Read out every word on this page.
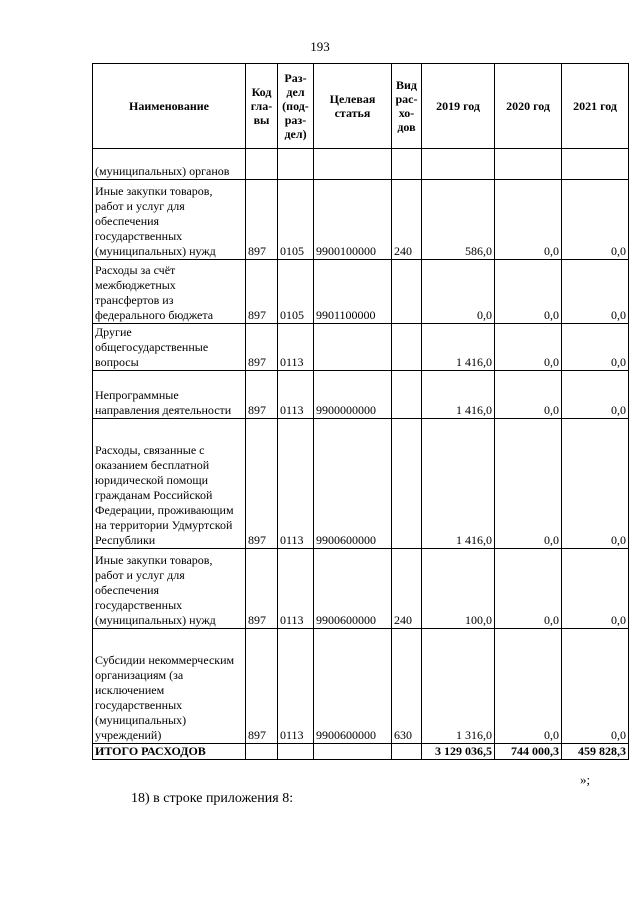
193
Наименование	Код гла-вы	Раз-дел (под-раз-дел)	Целевая статья	Вид рас-хо-дов	2019 год	2020 год	2021 год
(муниципальных) органов							
Иные закупки товаров, работ и услуг для обеспечения государственных (муниципальных) нужд	897	0105	9900100000	240	586,0	0,0	0,0
Расходы за счёт межбюджетных трансфертов из федерального бюджета	897	0105	9901100000		0,0	0,0	0,0
Другие общегосударственные вопросы	897	0113			1 416,0	0,0	0,0
Непрограммные направления деятельности	897	0113	9900000000		1 416,0	0,0	0,0
Расходы, связанные с оказанием бесплатной юридической помощи гражданам Российской Федерации, проживающим на территории Удмуртской Республики	897	0113	9900600000		1 416,0	0,0	0,0
Иные закупки товаров, работ и услуг для обеспечения государственных (муниципальных) нужд	897	0113	9900600000	240	100,0	0,0	0,0
Субсидии некоммерческим организациям (за исключением государственных (муниципальных) учреждений)	897	0113	9900600000	630	1 316,0	0,0	0,0
ИТОГО РАСХОДОВ					3 129 036,5	744 000,3	459 828,3
»;
18) в строке приложения 8:
